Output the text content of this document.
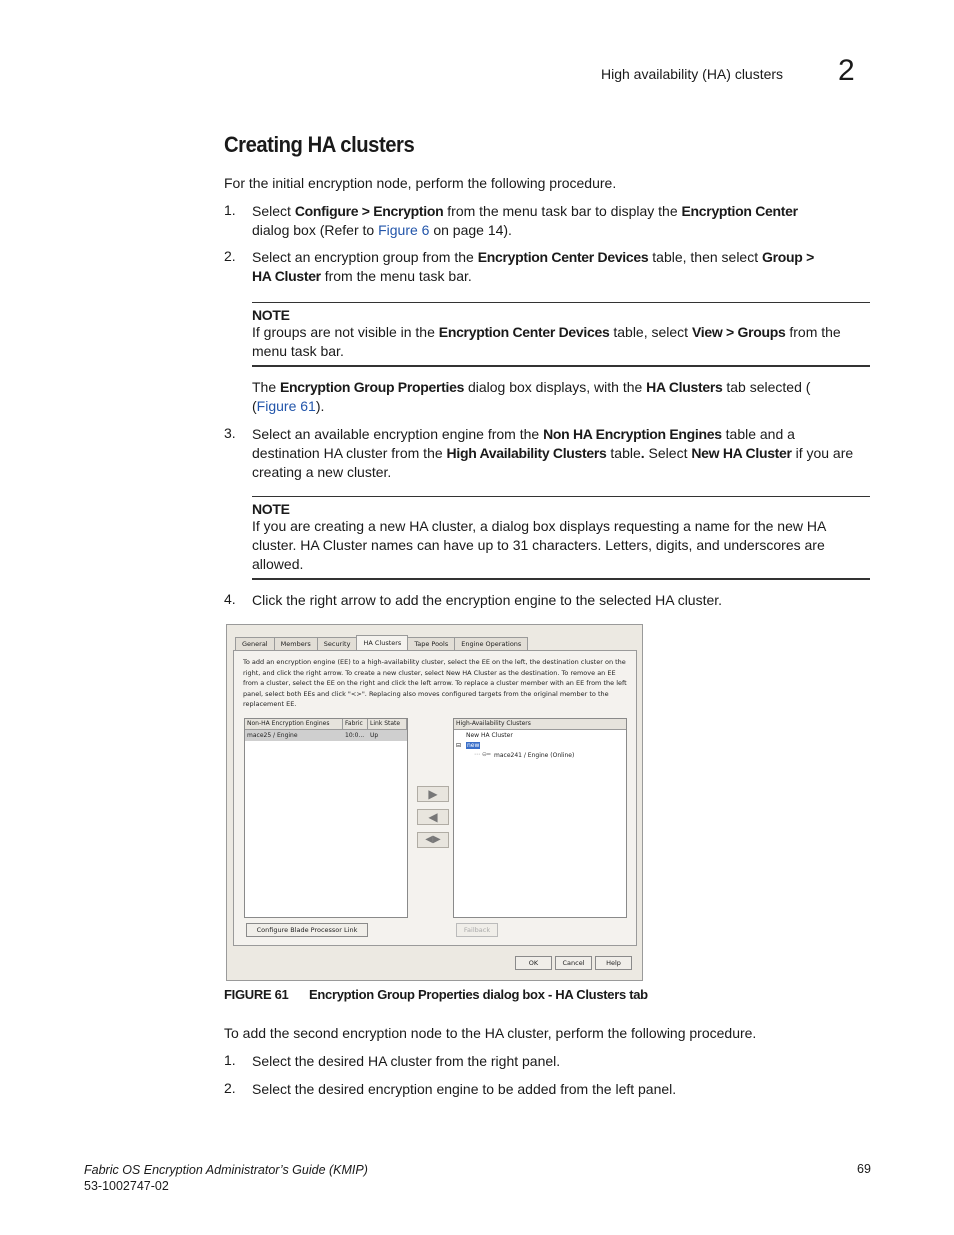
High availability (HA) clusters 2
Creating HA clusters

For the initial encryption node, perform the following procedure.

1. Select Configure > Encryption from the menu task bar to display the Encryption Center
dialog box (Refer to Figure 6 on page 14).

2. Select an encryption group from the Encryption Center Devices table, then select Group >
HA Cluster from the menu task bar.

NOTE
If groups are not visible in the Encryption Center Devices table, select View > Groups from the menu task bar.

The Encryption Group Properties dialog box displays, with the HA Clusters tab selected (
(Figure 61).

3. Select an available encryption engine from the Non HA Encryption Engines table and a
destination HA cluster from the High Availability Clusters table. Select New HA Cluster if you are
creating a new cluster.

NOTE
If you are creating a new HA cluster, a dialog box displays requesting a name for the new HA cluster. HA Cluster names can have up to 31 characters. Letters, digits, and underscores are allowed.
4. Click the right arrow to add the encryption engine to the selected HA cluster.

General	Members	Security	HA Clusters	Tape Pools	Engine Operations
To add an encryption engine (EE) to a high-availability cluster, select the EE on the left, the destination cluster on the right, and click the right arrow. To create a new cluster, select New HA Cluster as the destination. To remove an EE from a cluster, select the EE on the right and click the left arrow. To replace a cluster member with an EE from the left panel, select both EEs and click "<>". Replacing also moves configured targets from the original member to the replacement EE.
Non-HA Encryption Engines	Fabric	Link State
mace25 / Engine	10:0... Up
▶
◀
◀▶
High-Availability Clusters
New HA Cluster
⊟ new
⋯ ⊖═ mace241 / Engine (Online)
Configure Blade Processor Link	Failback
OK	Cancel	Help
FIGURE 61 Encryption Group Properties dialog box - HA Clusters tab

To add the second encryption node to the HA cluster, perform the following procedure.

1. Select the desired HA cluster from the right panel.

2. Select the desired encryption engine to be added from the left panel.

Fabric OS Encryption Administrator’s Guide (KMIP)
53-1002747-02
69
